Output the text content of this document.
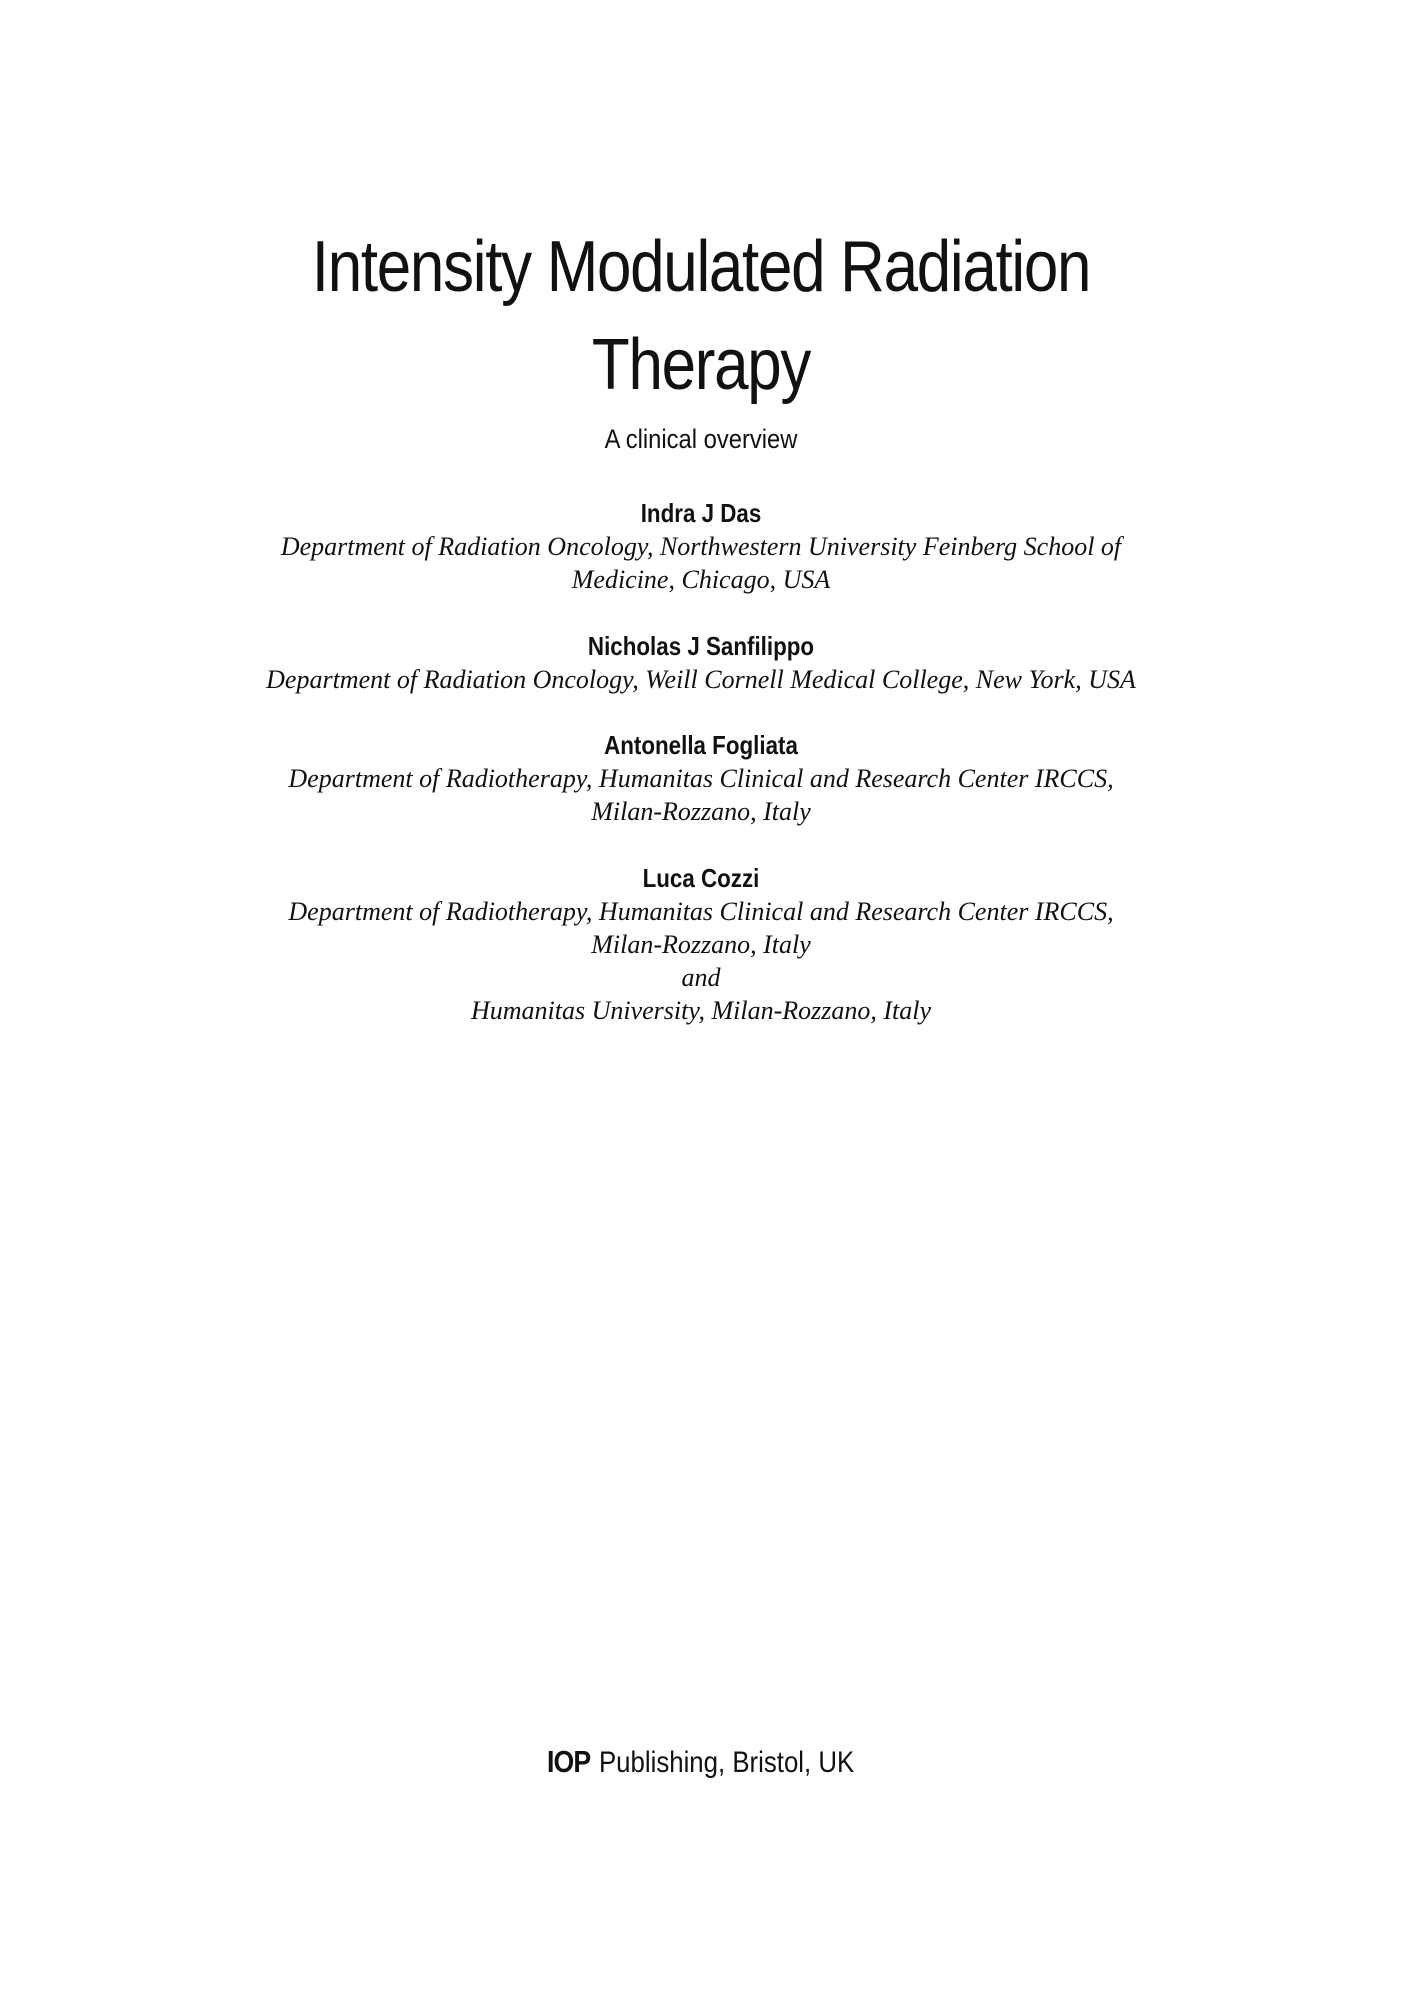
Intensity Modulated Radiation
Therapy
A clinical overview
Indra J Das
Department of Radiation Oncology, Northwestern University Feinberg School of
Medicine, Chicago, USA
Nicholas J Sanfilippo
Department of Radiation Oncology, Weill Cornell Medical College, New York, USA
Antonella Fogliata
Department of Radiotherapy, Humanitas Clinical and Research Center IRCCS,
Milan-Rozzano, Italy
Luca Cozzi
Department of Radiotherapy, Humanitas Clinical and Research Center IRCCS,
Milan-Rozzano, Italy
and
Humanitas University, Milan-Rozzano, Italy
IOP Publishing, Bristol, UK
